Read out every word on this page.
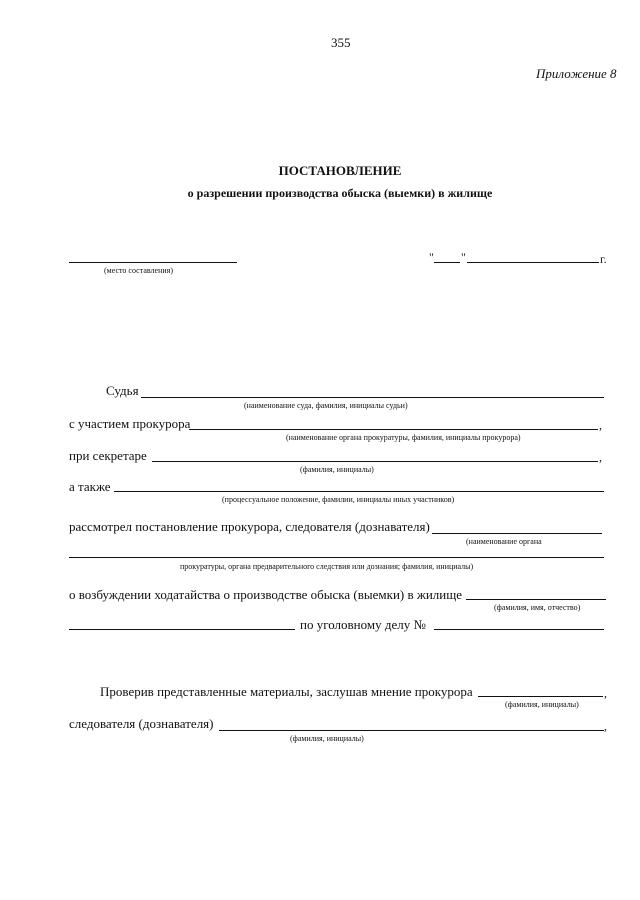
355
Приложение 8
ПОСТАНОВЛЕНИЕ
о разрешении производства обыска (выемки) в жилище
(место составления)
" "	г.
Судья
(наименование суда, фамилия, инициалы судьи)
с участием прокурора	,
(наименование органа прокуратуры, фамилия, инициалы прокурора)
при секретаре	,
(фамилия, инициалы)
а также
(процессуальное положение, фамилии, инициалы иных участников)
рассмотрел постановление прокурора, следователя (дознавателя)
(наименование органа
прокуратуры, органа предварительного следствия или дознания; фамилия, инициалы)
о возбуждении ходатайства о производстве обыска (выемки) в жилище
(фамилия, имя, отчество)
по уголовному делу №
Проверив представленные материалы, заслушав мнение прокурора	,
(фамилия, инициалы)
следователя (дознавателя)	,
(фамилия, инициалы)
